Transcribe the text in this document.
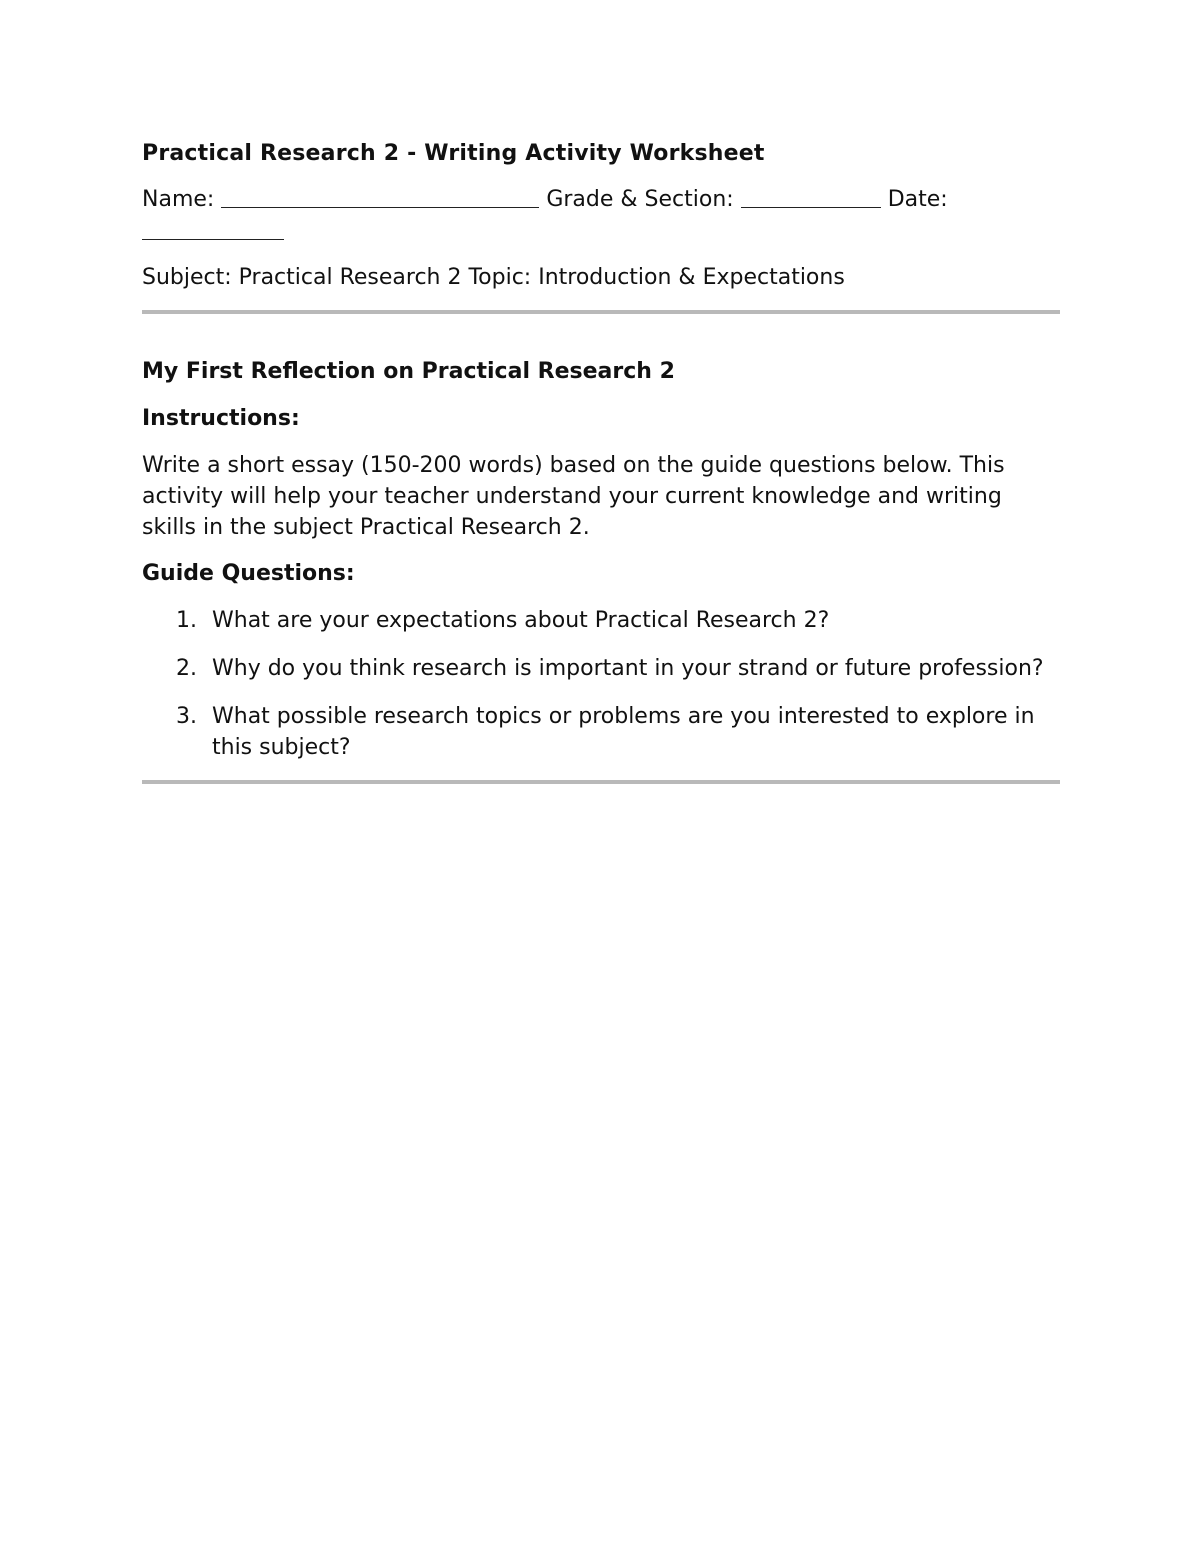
Practical Research 2 - Writing Activity Worksheet
Name:	Grade & Section:	Date:

Subject: Practical Research 2 Topic: Introduction & Expectations
My First Reflection on Practical Research 2
Instructions:
Write a short essay (150-200 words) based on the guide questions below. This activity will help your teacher understand your current knowledge and writing skills in the subject Practical Research 2.
Guide Questions:
1. What are your expectations about Practical Research 2?
2. Why do you think research is important in your strand or future profession?
3. What possible research topics or problems are you interested to explore in this subject?
